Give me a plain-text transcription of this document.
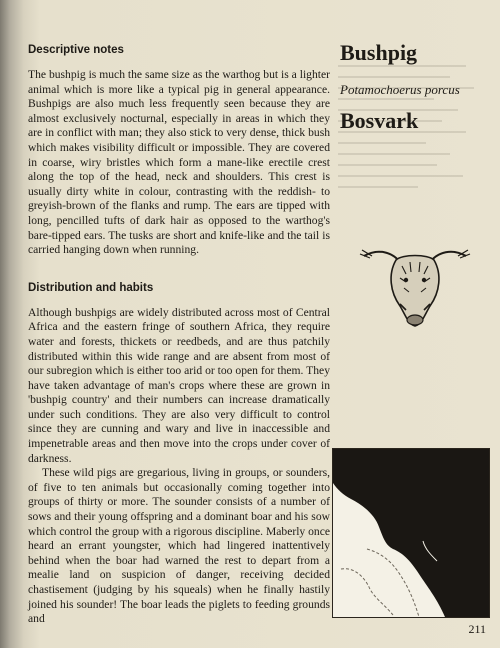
Descriptive notes

The bushpig is much the same size as the warthog but is a lighter animal which is more like a typical pig in general appearance. Bushpigs are also much less frequently seen because they are almost exclusively nocturnal, especially in areas in which they are in conflict with man; they also stick to very dense, thick bush which makes visibility difficult or impossible. They are covered in coarse, wiry bristles which form a mane-like erectile crest along the top of the head, neck and shoulders. This crest is usually dirty white in colour, contrasting with the reddish- to greyish-brown of the flanks and rump. The ears are tipped with long, pencilled tufts of dark hair as opposed to the warthog's bare-tipped ears. The tusks are short and knife-like and the tail is carried hanging down when running.

Distribution and habits

Although bushpigs are widely distributed across most of Central Africa and the eastern fringe of southern Africa, they require water and forests, thickets or reedbeds, and are thus patchily distributed within this wide range and are absent from most of our subregion which is either too arid or too open for them. They have taken advantage of man's crops where these are grown in 'bushpig country' and their numbers can increase dramatically under such conditions. They are also very difficult to control since they are cunning and wary and live in inaccessible and impenetrable areas and then move into the crops under cover of darkness.

These wild pigs are gregarious, living in groups, or sounders, of five to ten animals but occasionally coming together into groups of thirty or more. The sounder consists of a number of sows and their young offspring and a dominant boar and his sow which control the group with a rigorous discipline. Maberly once heard an errant youngster, which had lingered inattentively behind when the boar had warned the rest to depart from a mealie land on suspicion of danger, receiving decided chastisement (judging by his squeals) when he finally hastily joined his sounder! The boar leads the piglets to feeding grounds and

Bushpig
Potamochoerus porcus
Bosvark
211
